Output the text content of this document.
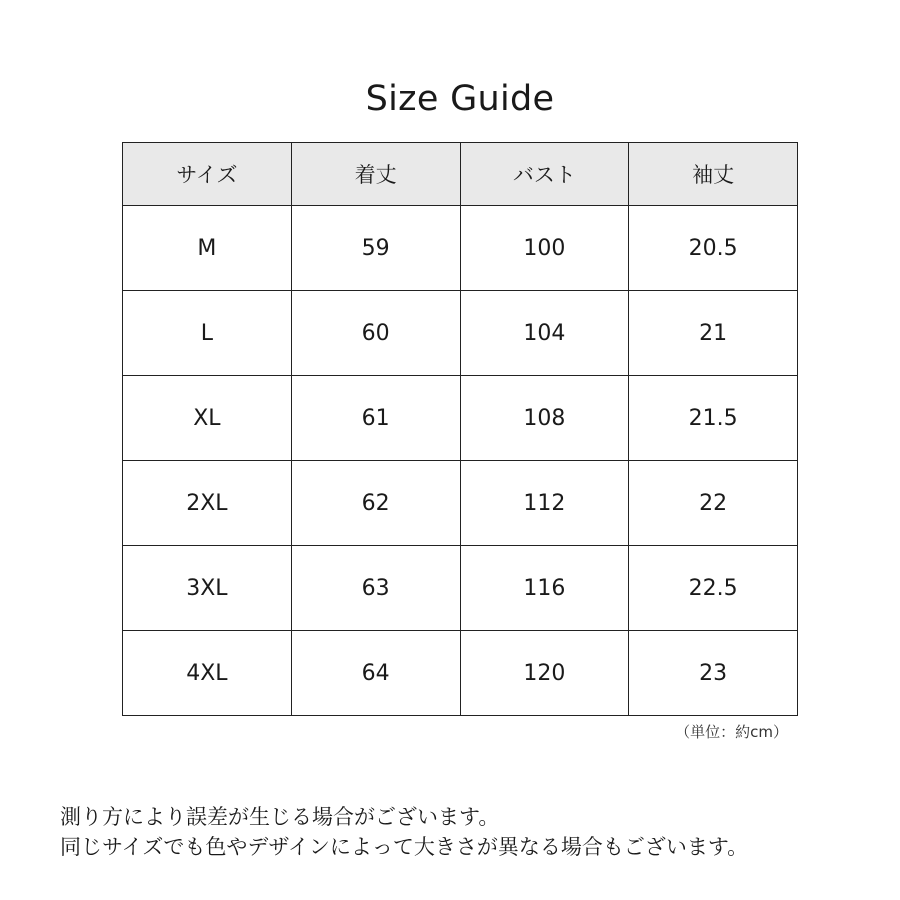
Size Guide
サイズ	着丈	バスト	袖丈
M	59	100	20.5
L	60	104	21
XL	61	108	21.5
2XL	62	112	22
3XL	63	116	22.5
4XL	64	120	23
（単位：約cm）

測り方により誤差が生じる場合がございます。

同じサイズでも色やデザインによって大きさが異なる場合もございます。
